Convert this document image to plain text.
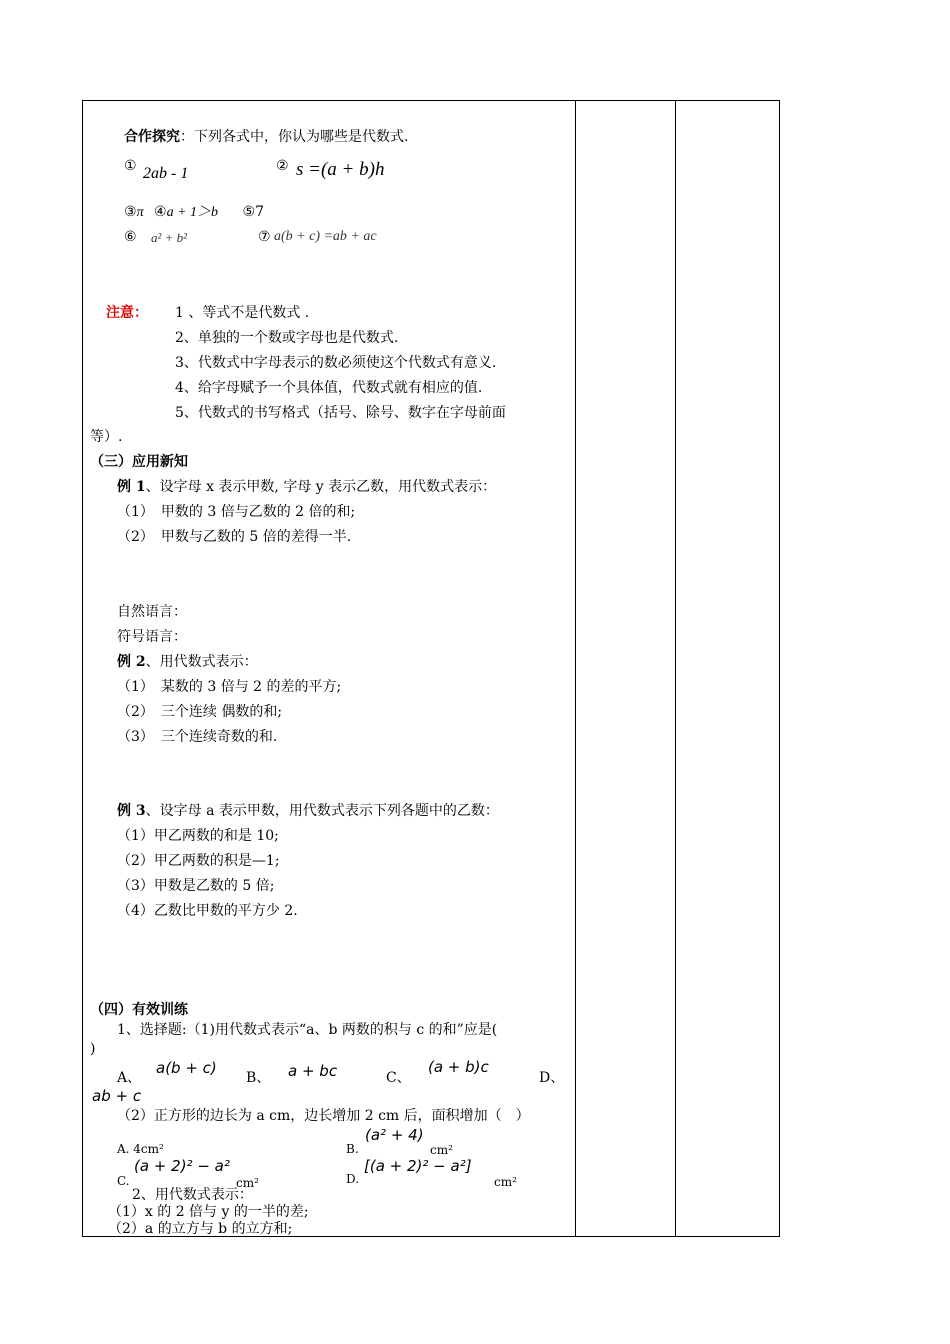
合作探究：下列各式中，你认为哪些是代数式.
① 2ab - 1	② s =(a + b)h
③π ④a + 1＞b ⑤7
⑥ a² + b²	⑦ a(b + c) =ab + ac
注意： 1 、等式不是代数式 .
2、单独的一个数或字母也是代数式.
3、代数式中字母表示的数必须使这个代数式有意义.
4、给字母赋予一个具体值，代数式就有相应的值.
5、代数式的书写格式（括号、除号、数字在字母前面
等）.
（三）应用新知
例 1、设字母 x 表示甲数, 字母 y 表示乙数，用代数式表示：
（1）　甲数的 3 倍与乙数的 2 倍的和;
（2）　甲数与乙数的 5 倍的差得一半.
自然语言：
符号语言：
例 2、用代数式表示：
（1）　某数的 3 倍与 2 的差的平方;
（2）　三个连续 偶数的和;
（3）　三个连续奇数的和.
例 3、设字母 a 表示甲数，用代数式表示下列各题中的乙数：
（1）甲乙两数的和是 10;
（2）甲乙两数的积是—1;
（3）甲数是乙数的 5 倍;
（4）乙数比甲数的平方少 2.
（四）有效训练
1、选择题:（1)用代数式表示“a、b 两数的积与 c 的和”应是(
)
A、
a(b + c)
B、 a + bc	C、
(a + b)c
D、
ab + c
（2）正方形的边长为 a cm，边长增加 2 cm 后，面积增加（　）
A. 4cm²	B.
(a² + 4)
cm²
C.
(a + 2)² − a²
cm²	D.
[(a + 2)² − a²]
cm²
2、用代数式表示：
（1）x 的 2 倍与 y 的一半的差;
（2）a 的立方与 b 的立方和;
